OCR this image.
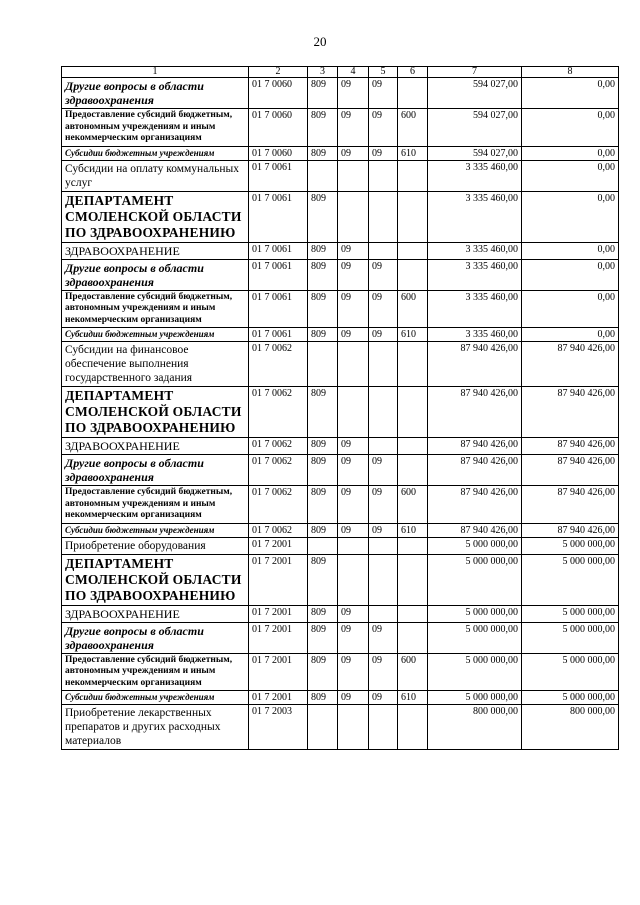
20
1	2	3	4	5	6	7	8
Другие вопросы в области здравоохранения	01 7 0060	809	09	09		594 027,00	0,00
Предоставление субсидий бюджетным, автономным учреждениям и иным некоммерческим организациям	01 7 0060	809	09	09	600	594 027,00	0,00
Субсидии бюджетным учреждениям	01 7 0060	809	09	09	610	594 027,00	0,00
Субсидии на оплату коммунальных услуг	01 7 0061					3 335 460,00	0,00
ДЕПАРТАМЕНТ СМОЛЕНСКОЙ ОБЛАСТИ ПО ЗДРАВООХРАНЕНИЮ	01 7 0061	809				3 335 460,00	0,00
ЗДРАВООХРАНЕНИЕ	01 7 0061	809	09			3 335 460,00	0,00
Другие вопросы в области здравоохранения	01 7 0061	809	09	09		3 335 460,00	0,00
Предоставление субсидий бюджетным, автономным учреждениям и иным некоммерческим организациям	01 7 0061	809	09	09	600	3 335 460,00	0,00
Субсидии бюджетным учреждениям	01 7 0061	809	09	09	610	3 335 460,00	0,00
Субсидии на финансовое обеспечение выполнения государственного задания	01 7 0062					87 940 426,00	87 940 426,00
ДЕПАРТАМЕНТ СМОЛЕНСКОЙ ОБЛАСТИ ПО ЗДРАВООХРАНЕНИЮ	01 7 0062	809				87 940 426,00	87 940 426,00
ЗДРАВООХРАНЕНИЕ	01 7 0062	809	09			87 940 426,00	87 940 426,00
Другие вопросы в области здравоохранения	01 7 0062	809	09	09		87 940 426,00	87 940 426,00
Предоставление субсидий бюджетным, автономным учреждениям и иным некоммерческим организациям	01 7 0062	809	09	09	600	87 940 426,00	87 940 426,00
Субсидии бюджетным учреждениям	01 7 0062	809	09	09	610	87 940 426,00	87 940 426,00
Приобретение оборудования	01 7 2001					5 000 000,00	5 000 000,00
ДЕПАРТАМЕНТ СМОЛЕНСКОЙ ОБЛАСТИ ПО ЗДРАВООХРАНЕНИЮ	01 7 2001	809				5 000 000,00	5 000 000,00
ЗДРАВООХРАНЕНИЕ	01 7 2001	809	09			5 000 000,00	5 000 000,00
Другие вопросы в области здравоохранения	01 7 2001	809	09	09		5 000 000,00	5 000 000,00
Предоставление субсидий бюджетным, автономным учреждениям и иным некоммерческим организациям	01 7 2001	809	09	09	600	5 000 000,00	5 000 000,00
Субсидии бюджетным учреждениям	01 7 2001	809	09	09	610	5 000 000,00	5 000 000,00
Приобретение лекарственных препаратов и других расходных материалов	01 7 2003					800 000,00	800 000,00
